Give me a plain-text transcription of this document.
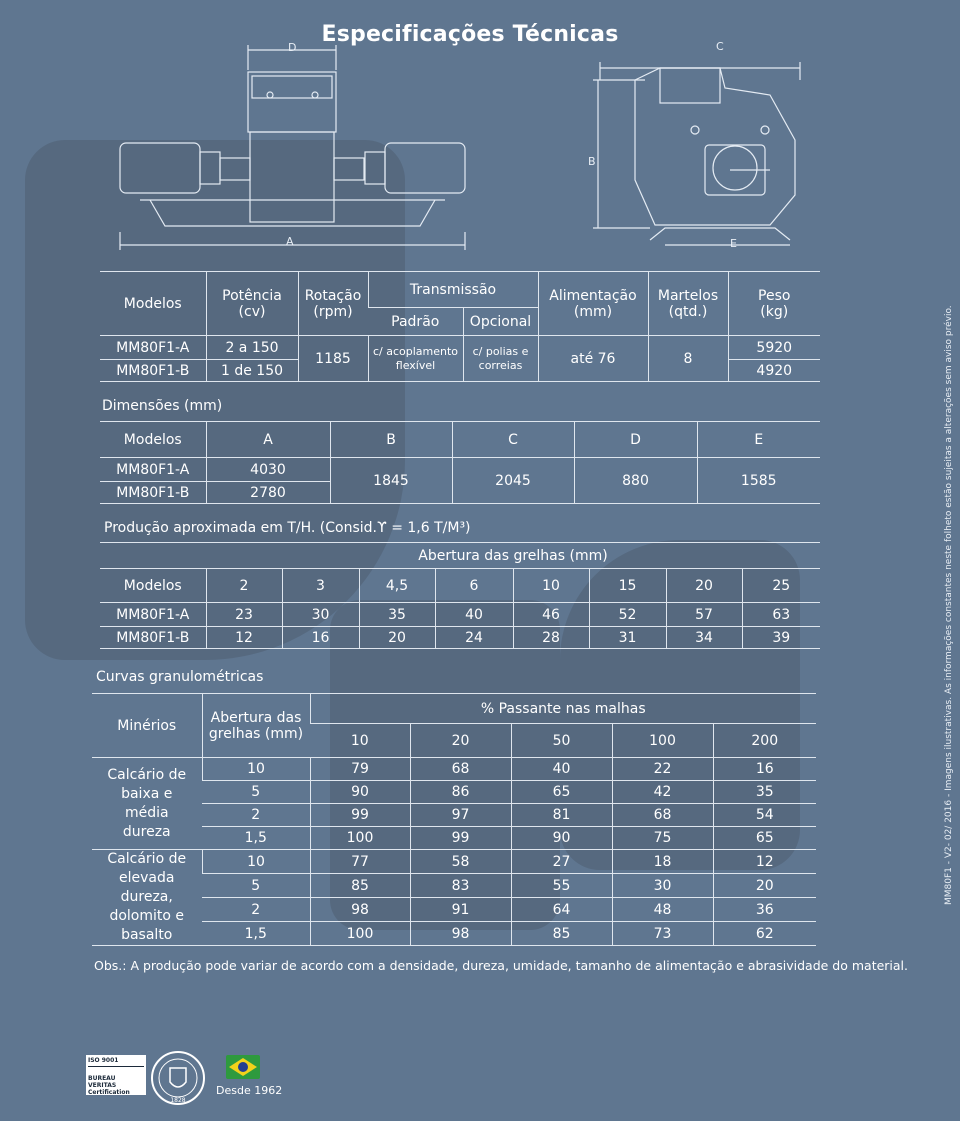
Especificações Técnicas
D
A
C
B
E
Modelos	Potência (cv)	Rotação (rpm)	Transmissão		Alimentação (mm)	Martelos (qtd.)	Peso (kg)
			Padrão	Opcional			
MM80F1-A	2 a 150	1185	c/ acoplamento flexível	c/ polias e correias	até 76	8	5920
MM80F1-B	1 de 150						4920
Dimensões (mm)
Modelos	A	B	C	D	E
MM80F1-A	4030	1845	2045	880	1585
MM80F1-B	2780				
Produção aproximada em T/H. (Consid.ϒ = 1,6 T/M³)
	Abertura das grelhas (mm)							
Modelos	2	3	4,5	6	10	15	20	25
MM80F1-A	23	30	35	40	46	52	57	63
MM80F1-B	12	16	20	24	28	31	34	39
Curvas granulométricas
Minérios	Abertura das grelhas (mm)	% Passante nas malhas				
		10	20	50	100	200
Calcário de baixa e média dureza	10	79	68	40	22	16
	5	90	86	65	42	35
	2	99	97	81	68	54
	1,5	100	99	90	75	65
Calcário de elevada dureza, dolomito e basalto	10	77	58	27	18	12
	5	85	83	55	30	20
	2	98	91	64	48	36
	1,5	100	98	85	73	62
Obs.: A produção pode variar de acordo com a densidade, dureza, umidade, tamanho de alimentação e abrasividade do material.
MM80F1 - V2- 02/ 2016 - Imagens ilustrativas. As informações constantes neste folheto estão sujeitas a alterações sem aviso prévio.
ISO 9001
BUREAU VERITAS
Certification
1828
Desde 1962
